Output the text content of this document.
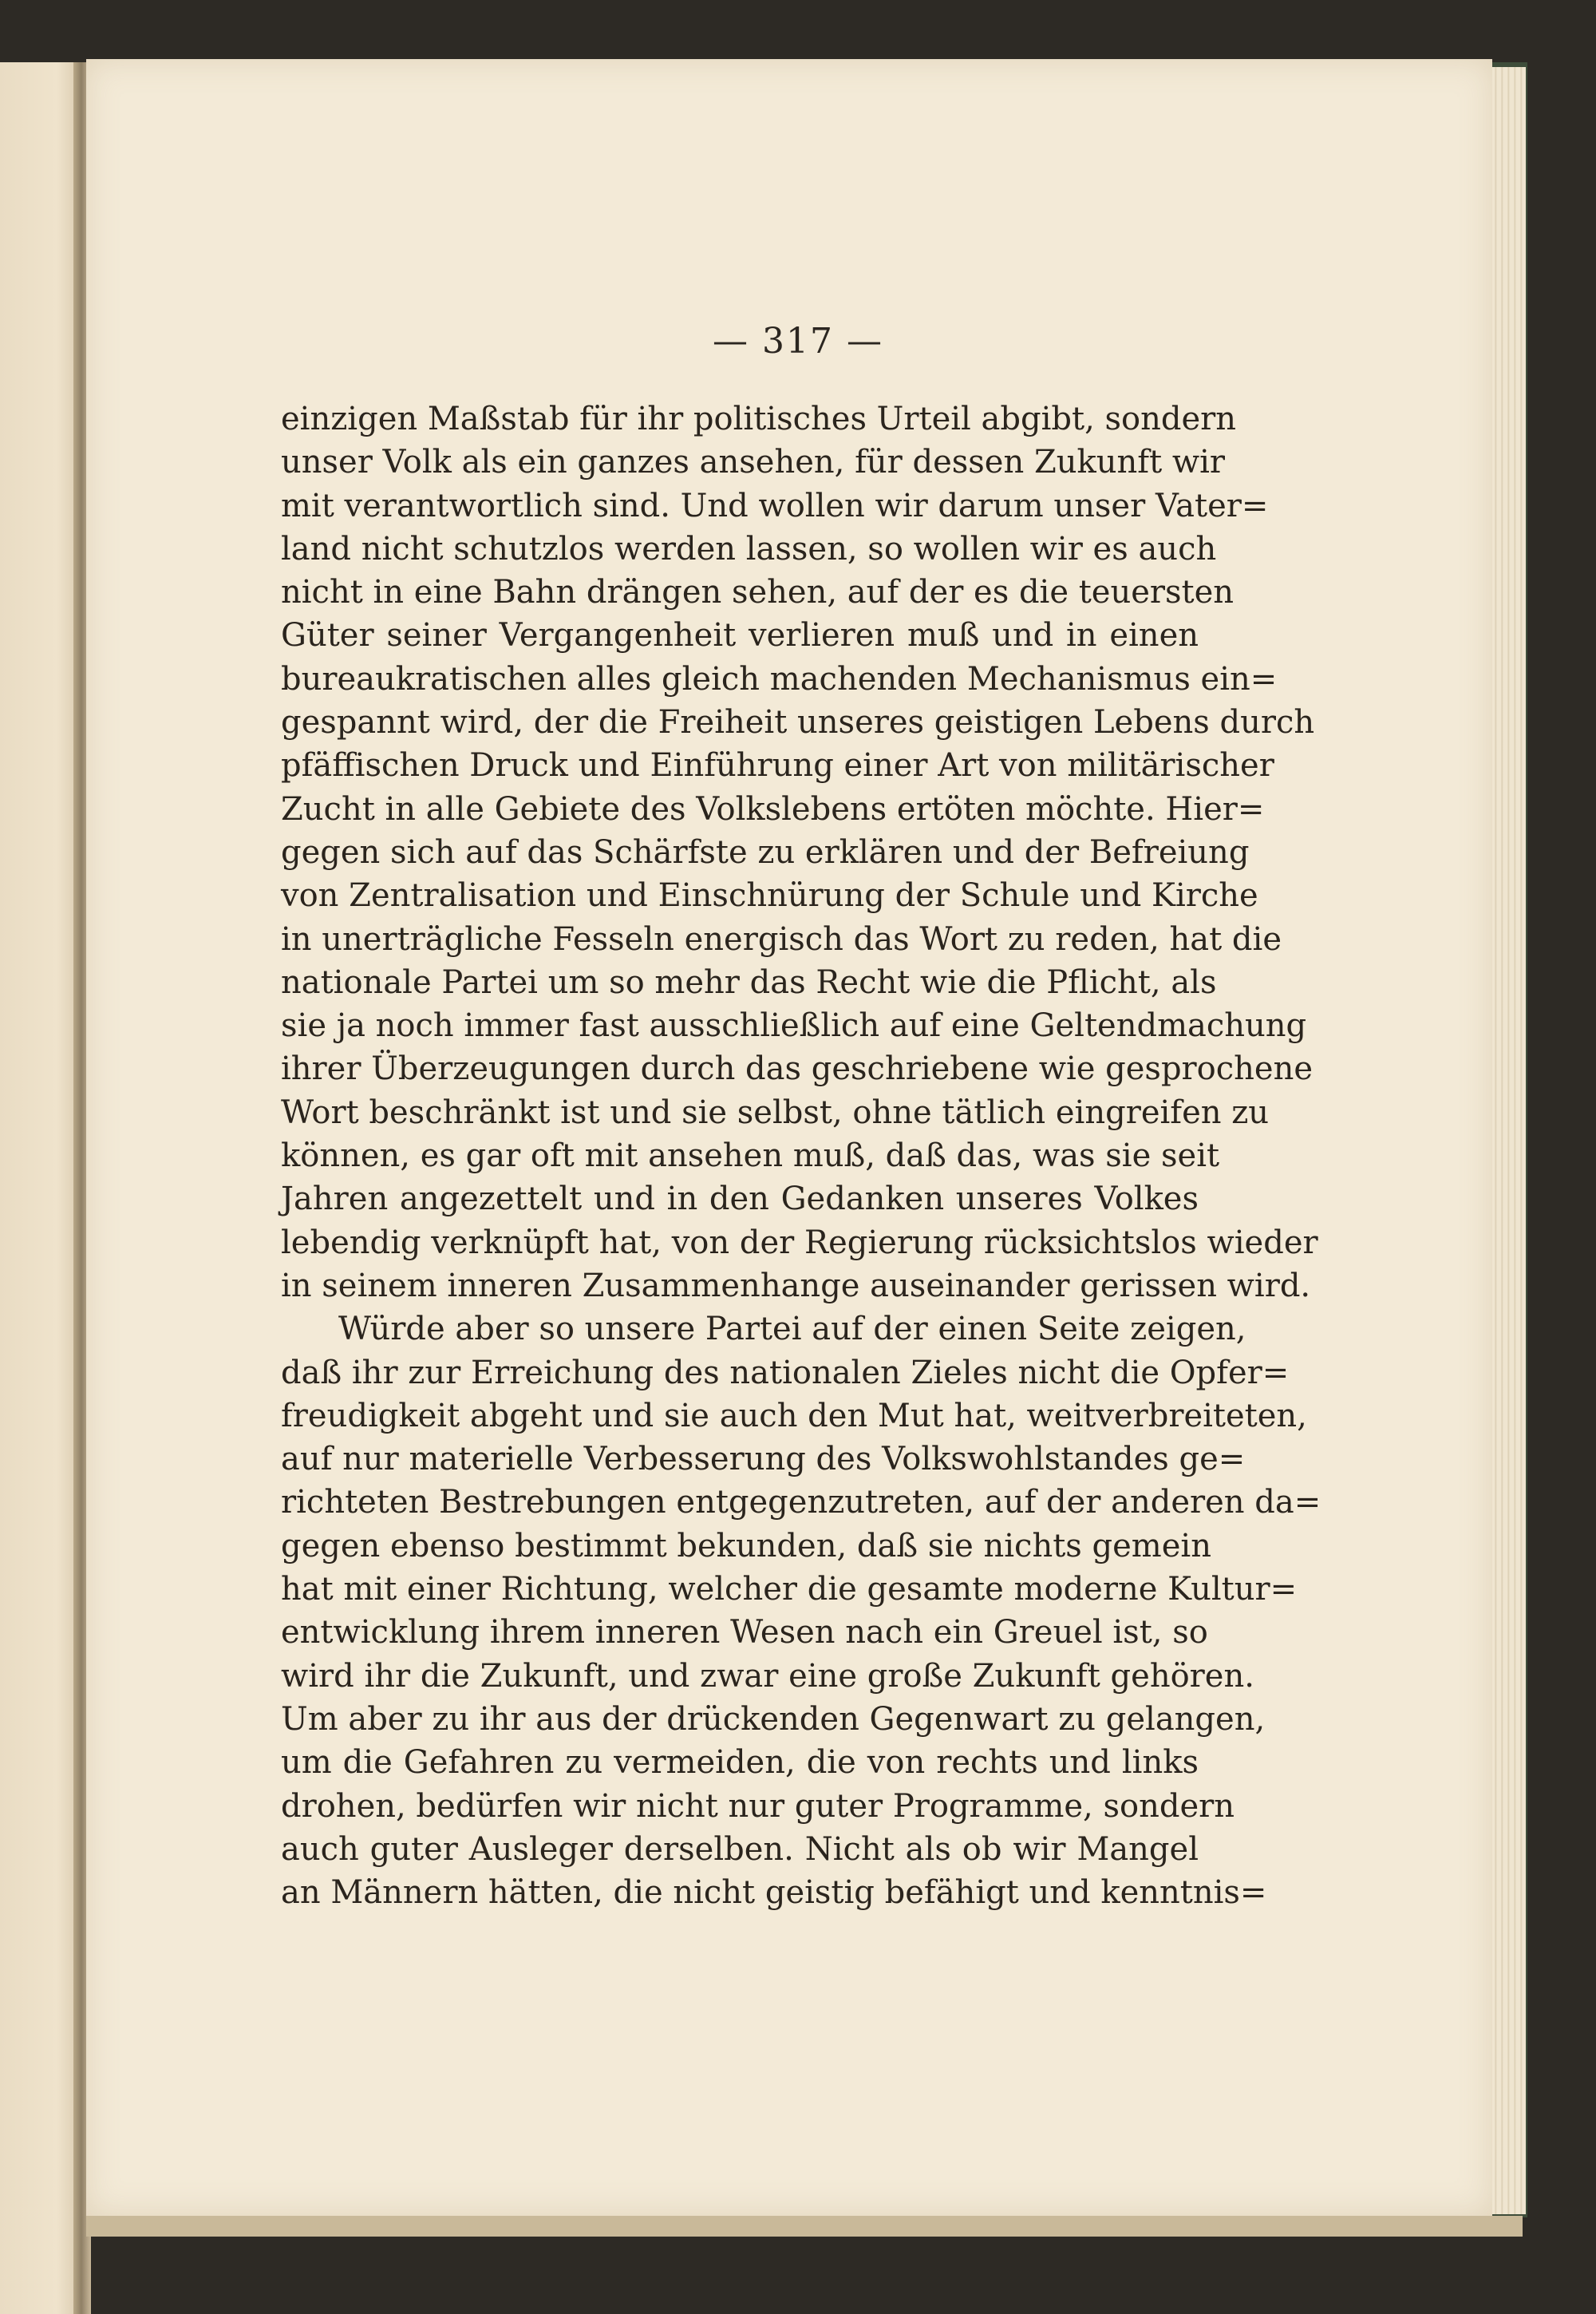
— 317 —
einzigen Maßstab für ihr politisches Urteil abgibt, sondern
unser Volk als ein ganzes ansehen, für dessen Zukunft wir
mit verantwortlich sind. Und wollen wir darum unser Vater=
land nicht schutzlos werden lassen, so wollen wir es auch
nicht in eine Bahn drängen sehen, auf der es die teuersten
Güter seiner Vergangenheit verlieren muß und in einen
bureaukratischen alles gleich machenden Mechanismus ein=
gespannt wird, der die Freiheit unseres geistigen Lebens durch
pfäffischen Druck und Einführung einer Art von militärischer
Zucht in alle Gebiete des Volkslebens ertöten möchte. Hier=
gegen sich auf das Schärfste zu erklären und der Befreiung
von Zentralisation und Einschnürung der Schule und Kirche
in unerträgliche Fesseln energisch das Wort zu reden, hat die
nationale Partei um so mehr das Recht wie die Pflicht, als
sie ja noch immer fast ausschließlich auf eine Geltendmachung
ihrer Überzeugungen durch das geschriebene wie gesprochene
Wort beschränkt ist und sie selbst, ohne tätlich eingreifen zu
können, es gar oft mit ansehen muß, daß das, was sie seit
Jahren angezettelt und in den Gedanken unseres Volkes
lebendig verknüpft hat, von der Regierung rücksichtslos wieder
in seinem inneren Zusammenhange auseinander gerissen wird.
Würde aber so unsere Partei auf der einen Seite zeigen,
daß ihr zur Erreichung des nationalen Zieles nicht die Opfer=
freudigkeit abgeht und sie auch den Mut hat, weitverbreiteten,
auf nur materielle Verbesserung des Volkswohlstandes ge=
richteten Bestrebungen entgegenzutreten, auf der anderen da=
gegen ebenso bestimmt bekunden, daß sie nichts gemein
hat mit einer Richtung, welcher die gesamte moderne Kultur=
entwicklung ihrem inneren Wesen nach ein Greuel ist, so
wird ihr die Zukunft, und zwar eine große Zukunft gehören.
Um aber zu ihr aus der drückenden Gegenwart zu gelangen,
um die Gefahren zu vermeiden, die von rechts und links
drohen, bedürfen wir nicht nur guter Programme, sondern
auch guter Ausleger derselben. Nicht als ob wir Mangel
an Männern hätten, die nicht geistig befähigt und kenntnis=
